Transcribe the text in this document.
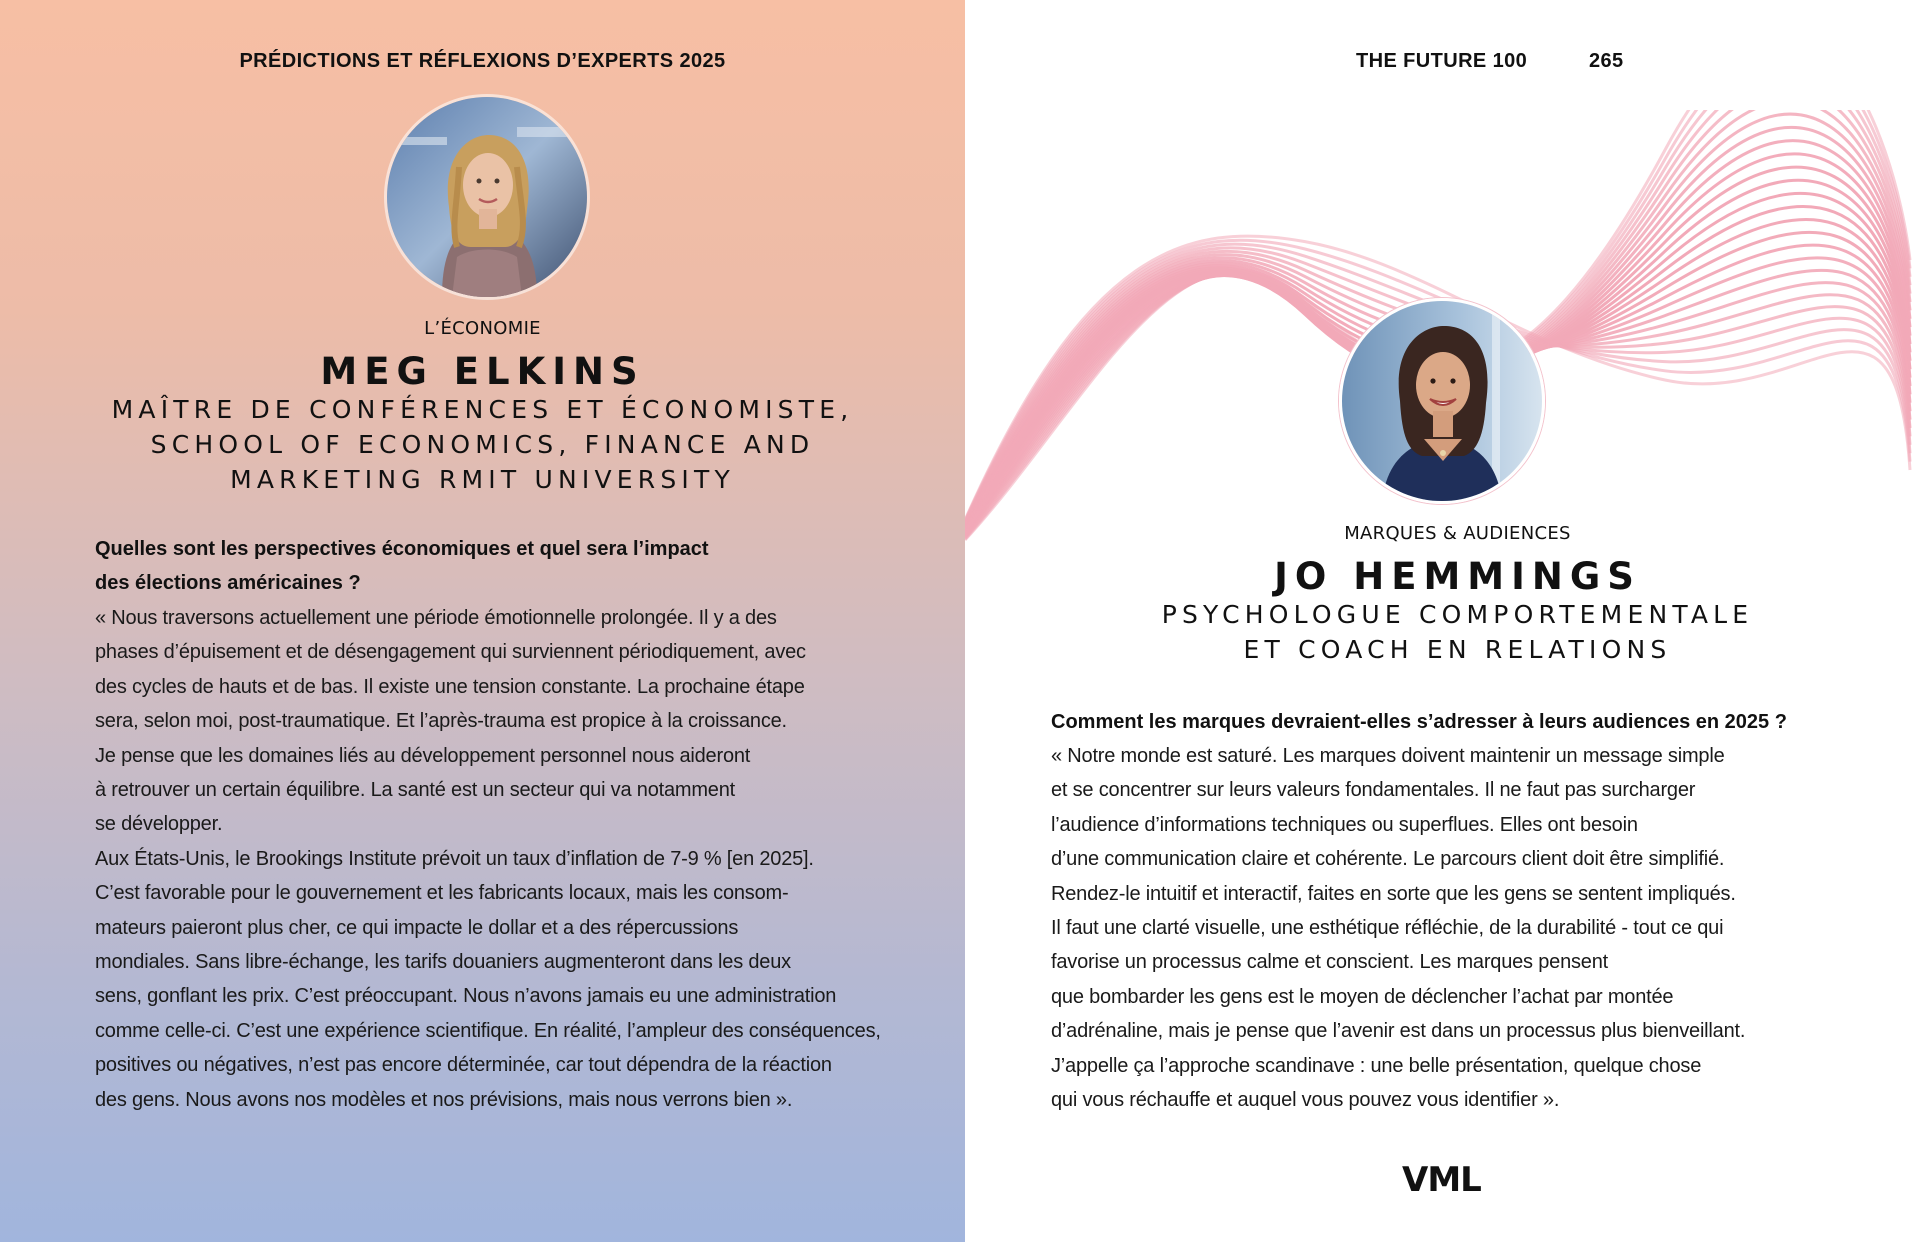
PRÉDICTIONS ET RÉFLEXIONS D’EXPERTS 2025
L’ÉCONOMIE
MEG ELKINS
MAÎTRE DE CONFÉRENCES ET ÉCONOMISTE,
SCHOOL OF ECONOMICS, FINANCE AND
MARKETING RMIT UNIVERSITY
Quelles sont les perspectives économiques et quel sera l’impact
des élections américaines ?
« Nous traversons actuellement une période émotionnelle prolongée. Il y a des
phases d’épuisement et de désengagement qui surviennent périodiquement, avec
des cycles de hauts et de bas. Il existe une tension constante. La prochaine étape
sera, selon moi, post-traumatique. Et l’après-trauma est propice à la croissance.
Je pense que les domaines liés au développement personnel nous aideront
à retrouver un certain équilibre. La santé est un secteur qui va notamment
se développer.
Aux États-Unis, le Brookings Institute prévoit un taux d’inflation de 7-9 % [en 2025].
C’est favorable pour le gouvernement et les fabricants locaux, mais les consom-
mateurs paieront plus cher, ce qui impacte le dollar et a des répercussions
mondiales. Sans libre-échange, les tarifs douaniers augmenteront dans les deux
sens, gonflant les prix. C’est préoccupant. Nous n’avons jamais eu une administration
comme celle-ci. C’est une expérience scientifique. En réalité, l’ampleur des conséquences,
positives ou négatives, n’est pas encore déterminée, car tout dépendra de la réaction
des gens. Nous avons nos modèles et nos prévisions, mais nous verrons bien ».
THE FUTURE 100	265
MARQUES & AUDIENCES
JO HEMMINGS
PSYCHOLOGUE COMPORTEMENTALE
ET COACH EN RELATIONS
Comment les marques devraient-elles s’adresser à leurs audiences en 2025 ?
« Notre monde est saturé. Les marques doivent maintenir un message simple
et se concentrer sur leurs valeurs fondamentales. Il ne faut pas surcharger
l’audience d’informations techniques ou superflues. Elles ont besoin
d’une communication claire et cohérente. Le parcours client doit être simplifié.
Rendez-le intuitif et interactif, faites en sorte que les gens se sentent impliqués.
Il faut une clarté visuelle, une esthétique réfléchie, de la durabilité - tout ce qui
favorise un processus calme et conscient. Les marques pensent
que bombarder les gens est le moyen de déclencher l’achat par montée
d’adrénaline, mais je pense que l’avenir est dans un processus plus bienveillant.
J’appelle ça l’approche scandinave : une belle présentation, quelque chose
qui vous réchauffe et auquel vous pouvez vous identifier ».
VML
